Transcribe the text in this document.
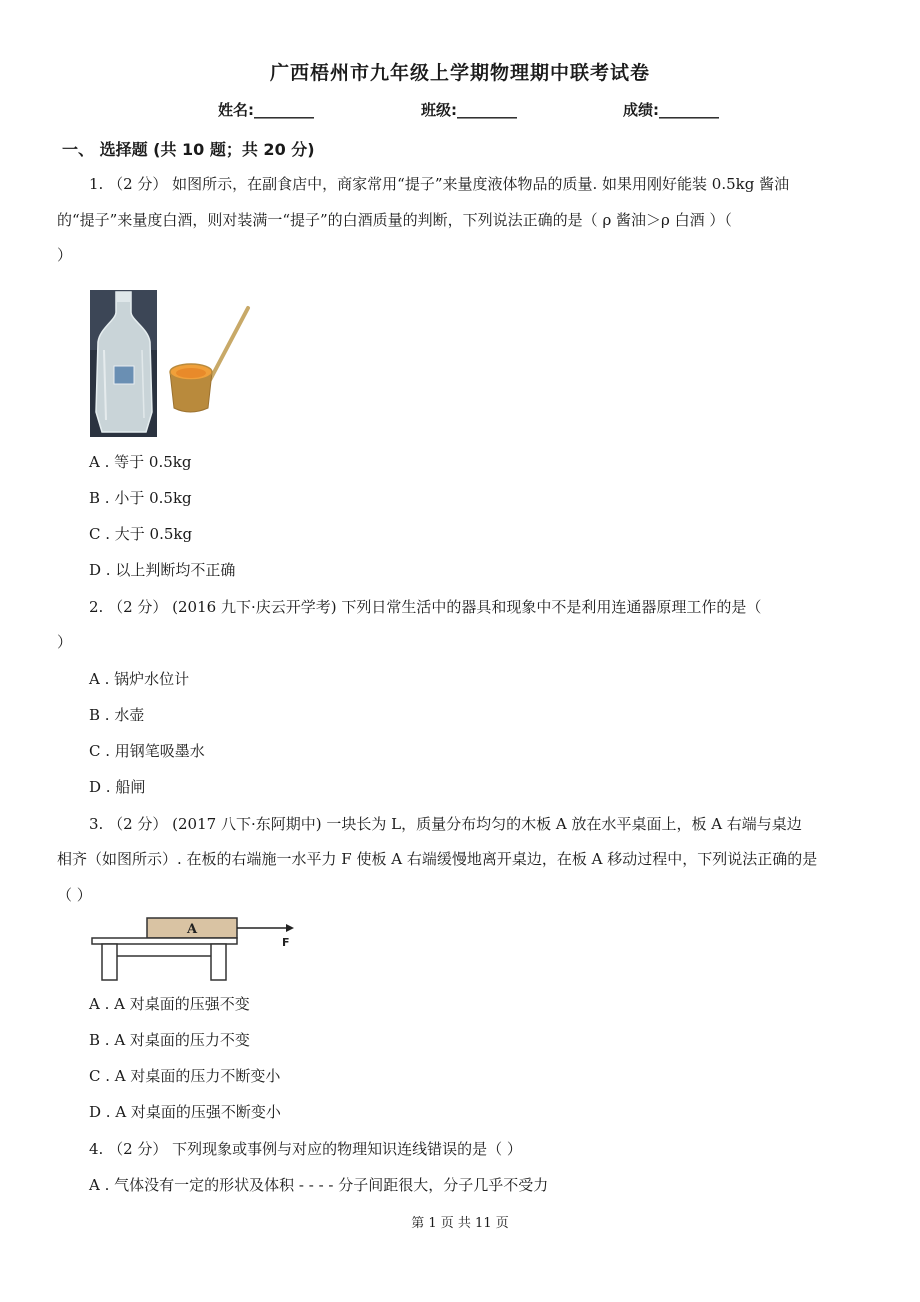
广西梧州市九年级上学期物理期中联考试卷
姓名:________	班级:________	成绩:________
一、 选择题 (共 10 题；共 20 分)
1. （2 分） 如图所示，在副食店中，商家常用“提子”来量度液体物品的质量. 如果用刚好能装 0.5kg 酱油
的“提子”来量度白酒，则对装满一“提子”的白酒质量的判断，下列说法正确的是（ ρ 酱油＞ρ 白酒 ）（
）
A . 等于 0.5kg
B . 小于 0.5kg
C . 大于 0.5kg
D . 以上判断均不正确
2. （2 分） (2016 九下·庆云开学考) 下列日常生活中的器具和现象中不是利用连通器原理工作的是（
）
A . 锅炉水位计
B . 水壶
C . 用钢笔吸墨水
D . 船闸
3. （2 分） (2017 八下·东阿期中) 一块长为 L，质量分布均匀的木板 A 放在水平桌面上，板 A 右端与桌边
相齐（如图所示）. 在板的右端施一水平力 F 使板 A 右端缓慢地离开桌边，在板 A 移动过程中，下列说法正确的是
（ ）
A
F
A . A 对桌面的压强不变
B . A 对桌面的压力不变
C . A 对桌面的压力不断变小
D . A 对桌面的压强不断变小
4. （2 分） 下列现象或事例与对应的物理知识连线错误的是（ ）
A . 气体没有一定的形状及体积 - - - - 分子间距很大，分子几乎不受力
第 1 页 共 11 页
